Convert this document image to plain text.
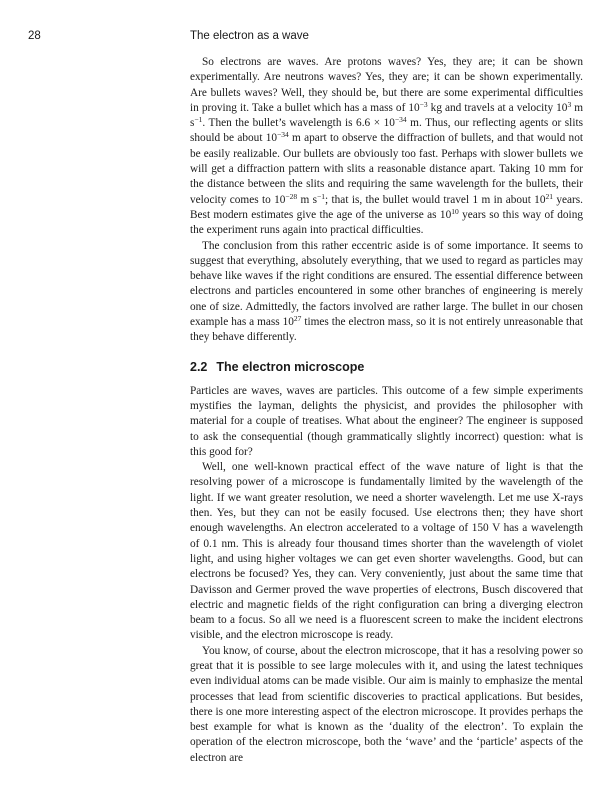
28	The electron as a wave

So electrons are waves. Are protons waves? Yes, they are; it can be shown experimentally. Are neutrons waves? Yes, they are; it can be shown experimentally. Are bullets waves? Well, they should be, but there are some experimental difficulties in proving it. Take a bullet which has a mass of $10^{-3}$ kg and travels at a velocity $10^3$ m $s^{-1}$. Then the bullet’s wavelength is $6.6 \times 10^{-34}$ m. Thus, our reflecting agents or slits should be about $10^{-34}$ m apart to observe the diffraction of bullets, and that would not be easily realizable. Our bullets are obviously too fast. Perhaps with slower bullets we will get a diffraction pattern with slits a reasonable distance apart. Taking 10 mm for the distance between the slits and requiring the same wavelength for the bullets, their velocity comes to $10^{-28}$ m $s^{-1}$; that is, the bullet would travel 1 m in about $10^{21}$ years. Best modern estimates give the age of the universe as $10^{10}$ years so this way of doing the experiment runs again into practical difficulties.

The conclusion from this rather eccentric aside is of some importance. It seems to suggest that everything, absolutely everything, that we used to regard as particles may behave like waves if the right conditions are ensured. The essential difference between electrons and particles encountered in some other branches of engineering is merely one of size. Admittedly, the factors involved are rather large. The bullet in our chosen example has a mass $10^{27}$ times the electron mass, so it is not entirely unreasonable that they behave differently.

2.2 The electron microscope

Particles are waves, waves are particles. This outcome of a few simple experiments mystifies the layman, delights the physicist, and provides the philosopher with material for a couple of treatises. What about the engineer? The engineer is supposed to ask the consequential (though grammatically slightly incorrect) question: what is this good for?

Well, one well-known practical effect of the wave nature of light is that the resolving power of a microscope is fundamentally limited by the wavelength of the light. If we want greater resolution, we need a shorter wavelength. Let me use X-rays then. Yes, but they can not be easily focused. Use electrons then; they have short enough wavelengths. An electron accelerated to a voltage of 150 V has a wavelength of 0.1 nm. This is already four thousand times shorter than the wavelength of violet light, and using higher voltages we can get even shorter wavelengths. Good, but can electrons be focused? Yes, they can. Very conveniently, just about the same time that Davisson and Germer proved the wave properties of electrons, Busch discovered that electric and magnetic fields of the right configuration can bring a diverging electron beam to a focus. So all we need is a fluorescent screen to make the incident electrons visible, and the electron microscope is ready.

You know, of course, about the electron microscope, that it has a resolving power so great that it is possible to see large molecules with it, and using the latest techniques even individual atoms can be made visible. Our aim is mainly to emphasize the mental processes that lead from scientific discoveries to practical applications. But besides, there is one more interesting aspect of the electron microscope. It provides perhaps the best example for what is known as the ‘duality of the electron’. To explain the operation of the electron microscope, both the ‘wave’ and the ‘particle’ aspects of the electron are
